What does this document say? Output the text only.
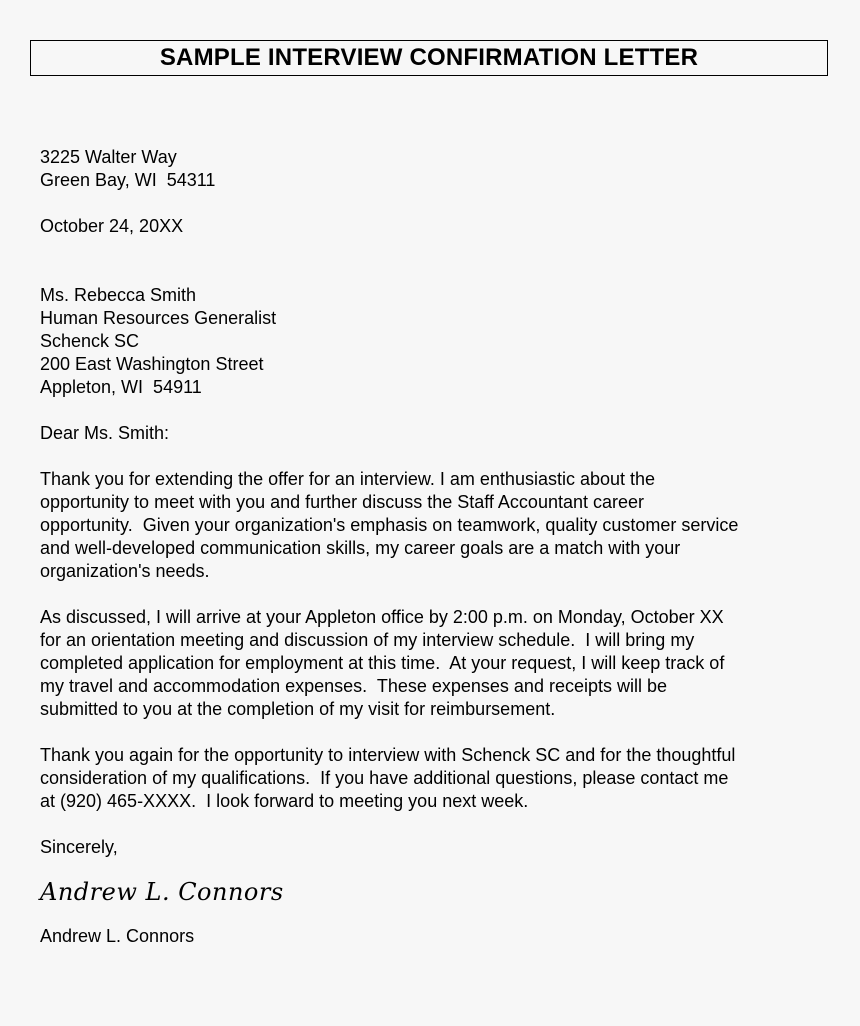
SAMPLE INTERVIEW CONFIRMATION LETTER
3225 Walter Way
Green Bay, WI  54311
October 24, 20XX
Ms. Rebecca Smith
Human Resources Generalist
Schenck SC
200 East Washington Street
Appleton, WI  54911
Dear Ms. Smith:
Thank you for extending the offer for an interview. I am enthusiastic about the
opportunity to meet with you and further discuss the Staff Accountant career
opportunity.  Given your organization's emphasis on teamwork, quality customer service
and well-developed communication skills, my career goals are a match with your
organization's needs.
As discussed, I will arrive at your Appleton office by 2:00 p.m. on Monday, October XX
for an orientation meeting and discussion of my interview schedule.  I will bring my
completed application for employment at this time.  At your request, I will keep track of
my travel and accommodation expenses.  These expenses and receipts will be
submitted to you at the completion of my visit for reimbursement.
Thank you again for the opportunity to interview with Schenck SC and for the thoughtful
consideration of my qualifications.  If you have additional questions, please contact me
at (920) 465-XXXX.  I look forward to meeting you next week.
Sincerely,
Andrew L. Connors
Andrew L. Connors
